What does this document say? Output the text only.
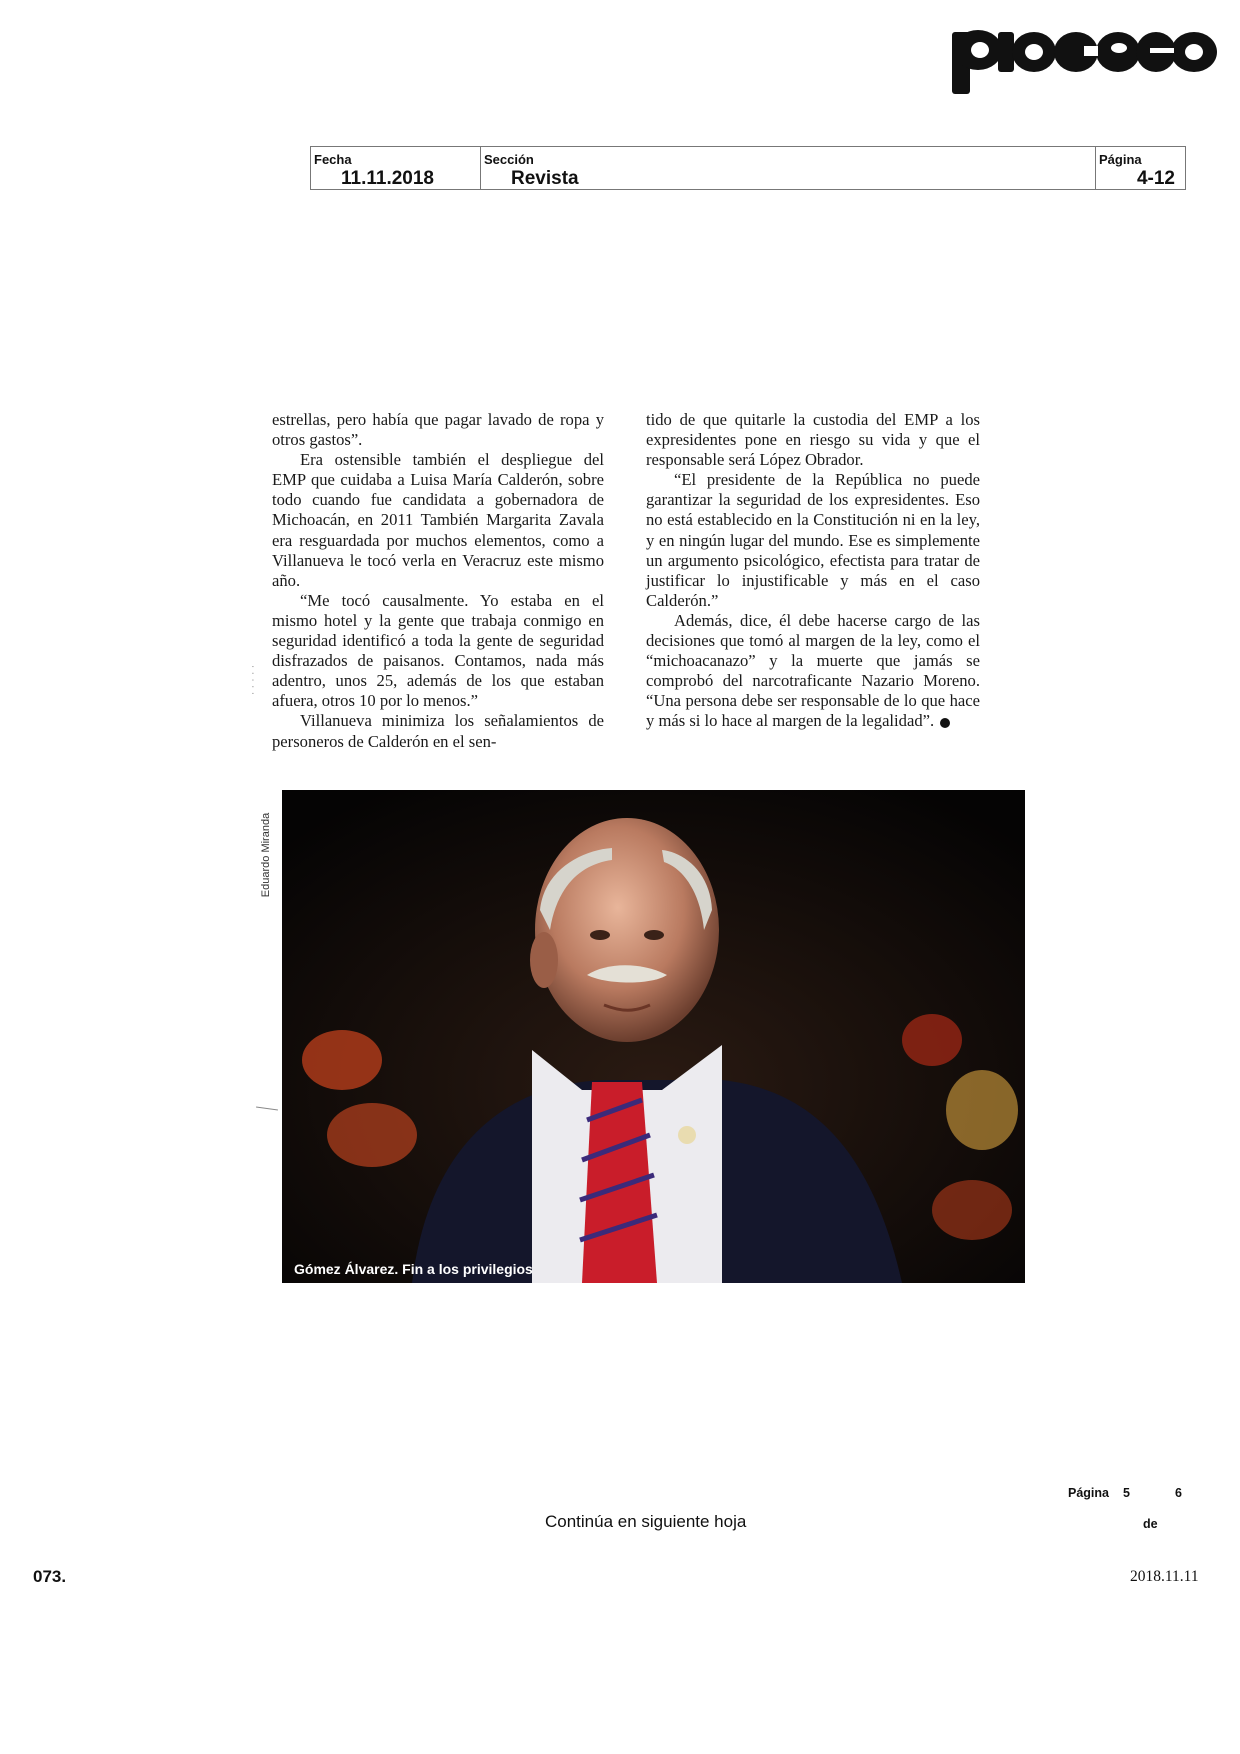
Fecha
11.11.2018
Sección
Revista
Página
4-12
· · · · ·

estrellas, pero había que pagar lavado de ropa y otros gastos”.

Era ostensible también el despliegue del EMP que cuidaba a Luisa María Calderón, sobre todo cuando fue candidata a gobernadora de Michoacán, en 2011 También Margarita Zavala era resguardada por muchos elementos, como a Villanueva le tocó verla en Veracruz este mismo año.

“Me tocó causalmente. Yo estaba en el mismo hotel y la gente que trabaja conmigo en seguridad identificó a toda la gente de seguridad disfrazados de paisanos. Contamos, nada más adentro, unos 25, además de los que estaban afuera, otros 10 por lo menos.”

Villanueva minimiza los señalamientos de personeros de Calderón en el sen-

tido de que quitarle la custodia del EMP a los expresidentes pone en riesgo su vida y que el responsable será López Obrador.

“El presidente de la República no puede garantizar la seguridad de los expresidentes. Eso no está establecido en la Constitución ni en la ley, y en ningún lugar del mundo. Ese es simplemente un argumento psicológico, efectista para tratar de justificar lo injustificable y más en el caso Calderón.”

Además, dice, él debe hacerse cargo de las decisiones que tomó al margen de la ley, como el “michoacanazo” y la muerte que jamás se comprobó del narcotraficante Nazario Moreno. “Una persona debe ser responsable de lo que hace y más si lo hace al margen de la legalidad”.

Eduardo Miranda
Gómez Álvarez. Fin a los privilegios
Página 5	6
de
Continúa en siguiente hoja
073.	2018.11.11
